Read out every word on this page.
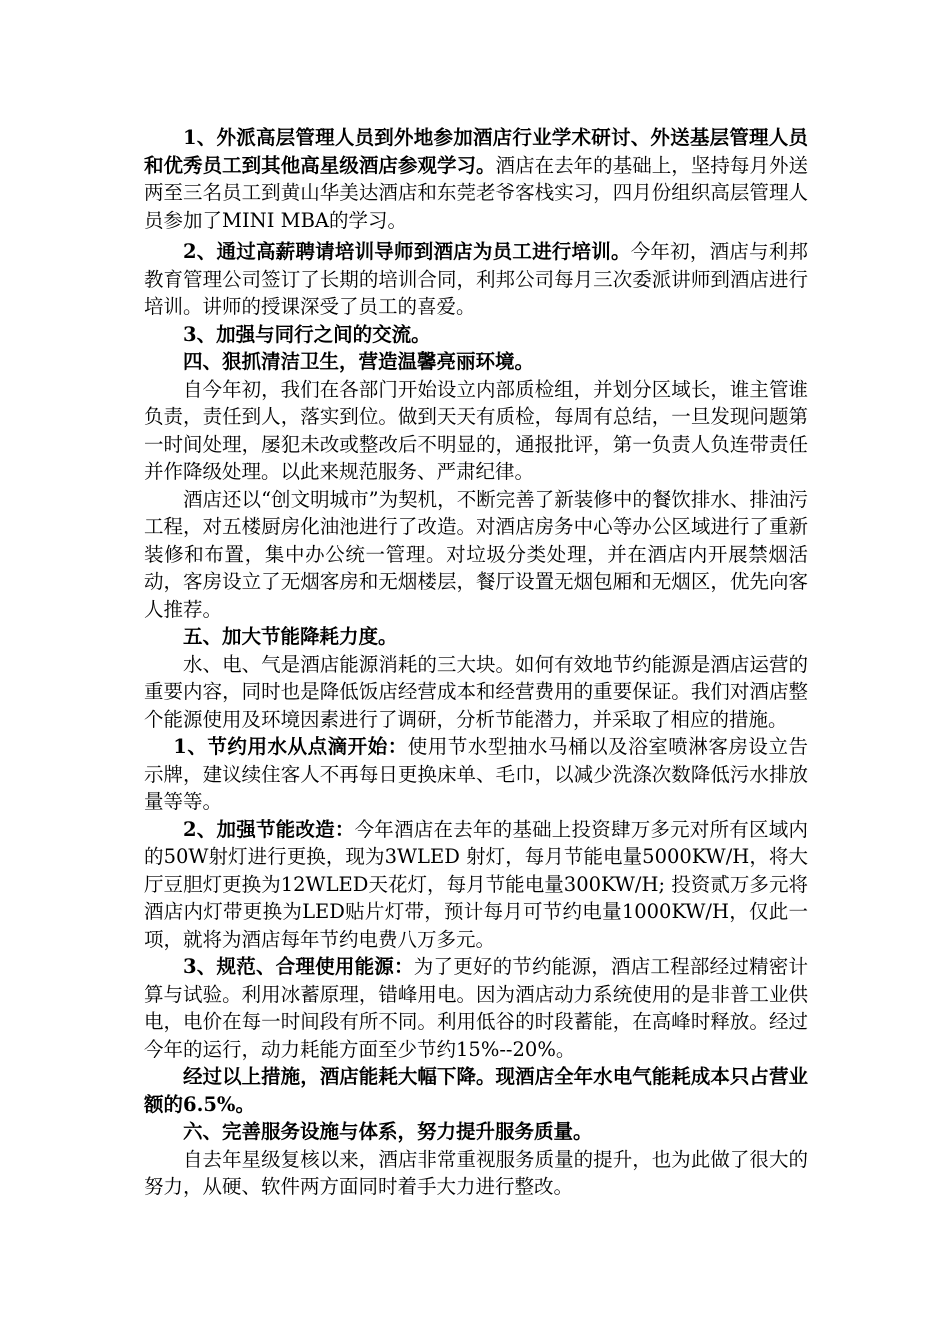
1、外派高层管理人员到外地参加酒店行业学术研讨、外送基层管理人员和优秀员工到其他高星级酒店参观学习。酒店在去年的基础上，坚持每月外送两至三名员工到黄山华美达酒店和东莞老爷客栈实习，四月份组织高层管理人员参加了MINI MBA的学习。

2、通过高薪聘请培训导师到酒店为员工进行培训。今年初，酒店与利邦教育管理公司签订了长期的培训合同，利邦公司每月三次委派讲师到酒店进行培训。讲师的授课深受了员工的喜爱。

3、加强与同行之间的交流。

四、狠抓清洁卫生，营造温馨亮丽环境。

自今年初，我们在各部门开始设立内部质检组，并划分区域长，谁主管谁负责，责任到人，落实到位。做到天天有质检，每周有总结，一旦发现问题第一时间处理，屡犯未改或整改后不明显的，通报批评，第一负责人负连带责任并作降级处理。以此来规范服务、严肃纪律。

酒店还以“创文明城市”为契机，不断完善了新装修中的餐饮排水、排油污工程，对五楼厨房化油池进行了改造。对酒店房务中心等办公区域进行了重新装修和布置，集中办公统一管理。对垃圾分类处理，并在酒店内开展禁烟活动，客房设立了无烟客房和无烟楼层，餐厅设置无烟包厢和无烟区，优先向客人推荐。

五、加大节能降耗力度。

水、电、气是酒店能源消耗的三大块。如何有效地节约能源是酒店运营的重要内容，同时也是降低饭店经营成本和经营费用的重要保证。我们对酒店整个能源使用及环境因素进行了调研，分析节能潜力，并采取了相应的措施。

1、节约用水从点滴开始：使用节水型抽水马桶以及浴室喷淋客房设立告示牌，建议续住客人不再每日更换床单、毛巾，以减少洗涤次数降低污水排放量等等。

2、加强节能改造：今年酒店在去年的基础上投资肆万多元对所有区域内的50W射灯进行更换，现为3WLED 射灯，每月节能电量5000KW/H，将大厅豆胆灯更换为12WLED天花灯，每月节能电量300KW/H; 投资贰万多元将酒店内灯带更换为LED贴片灯带，预计每月可节约电量1000KW/H，仅此一项，就将为酒店每年节约电费八万多元。

3、规范、合理使用能源：为了更好的节约能源，酒店工程部经过精密计算与试验。利用冰蓄原理，错峰用电。因为酒店动力系统使用的是非普工业供电，电价在每一时间段有所不同。利用低谷的时段蓄能，在高峰时释放。经过今年的运行，动力耗能方面至少节约15%--20%。

经过以上措施，酒店能耗大幅下降。现酒店全年水电气能耗成本只占营业额的6.5%。

六、完善服务设施与体系，努力提升服务质量。

自去年星级复核以来，酒店非常重视服务质量的提升，也为此做了很大的努力，从硬、软件两方面同时着手大力进行整改。
